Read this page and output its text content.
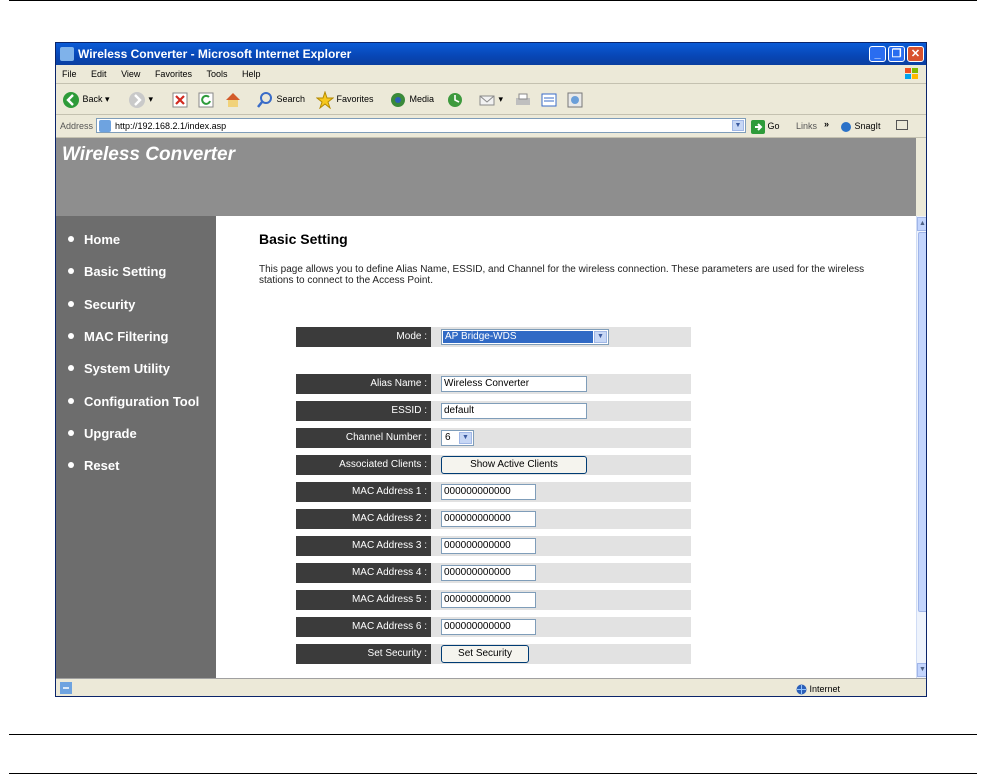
Wireless Converter - Microsoft Internet Explorer	_	❐ ✕
File Edit View Favorites Tools Help
Back ▾	▾	Search	Favorites	Media	▾
Address	http://192.168.2.1/index.asp	▼	Go Links »	SnagIt
Wireless Converter
Home
Basic Setting
Security
MAC Filtering
System Utility
Configuration Tool
Upgrade
Reset
Basic Setting
This page allows you to define Alias Name, ESSID, and Channel for the wireless connection. These parameters are used for the wireless stations to connect to the Access Point.
Mode :	AP Bridge-WDS	▼
Alias Name :	Wireless Converter
ESSID :	default
Channel Number :	6	▼
Associated Clients :	Show Active Clients
MAC Address 1 :	000000000000
MAC Address 2 :	000000000000
MAC Address 3 :	000000000000
MAC Address 4 :	000000000000
MAC Address 5 :	000000000000
MAC Address 6 :	000000000000
Set Security :	Set Security
▲
▼
Internet
